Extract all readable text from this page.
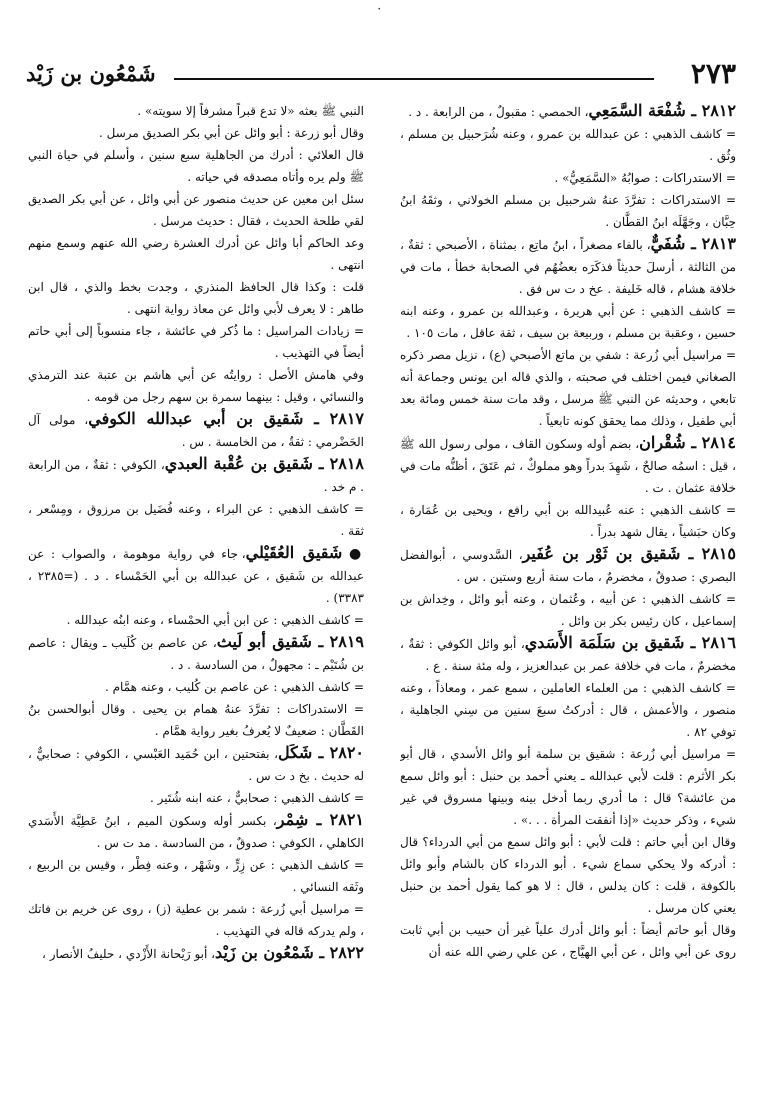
٠
٢٧٣
شَمْعُون بن زَيْد

٢٨١٢ ـ شُفْعَة السَّمَعِي، الحمصي : مقبولٌ ، من الرابعة . د .

= كاشف الذهبي : عن عبدالله بن عمرو ، وعنه شُرَحبيل بن مسلم ، وثُق .

= الاستدراكات : صوابُهُ «السَّمَعِيُّ» .

= الاستدراكات : تفرَّدَ عنهُ شرحبيل بن مسلم الخولاني ، وثقَهُ ابنُ حِبَّان ، وجَهَّلَه ابنُ القطَّان .

٢٨١٣ ـ شُفَيٌّ، بالفاء مصغراً ، ابنُ ماتِع ، بمثناة ، الأصبحي : ثقةٌ ، من الثالثة ، أرسلَ حديثاً فذكَرَه بعضُهُم في الصحابة خطأ ، مات في خلافة هشام ، قاله خَليفة . عخ د ت س فق .

= كاشف الذهبي : عن أبي هريرة ، وعبدالله بن عمرو ، وعنه ابنه حسين ، وعقبة بن مسلم ، وربيعة بن سيف ، ثقة عاقل ، مات ١٠٥ .

= مراسيل أبي زُرعة : شفي بن ماتع الأصبحي (ع) ، نزيل مصر ذكره الصغاني فيمن اختلف في صحبته ، والذي قاله ابن يونس وجماعة أنه تابعي ، وحديثه عن النبي ﷺ مرسل ، وقد مات سنة خمس ومائة بعد أبي طفيل ، وذلك مما يحقق كونه تابعياً .

٢٨١٤ ـ شُقْران، بضم أوله وسكون القاف ، مولى رسول الله ﷺ ، قيل : اسمُه صالحٌ ، شَهِدَ بدراً وهو مملوكٌ ، ثم عَتَقَ ، أظنُّه مات في خلافة عثمان . ت .

= كاشف الذهبي : عنه عُبيدالله بن أبي رافع ، ويحيى بن عُمَارة ، وكان حبَشياً ، يقال شهد بدراً .

٢٨١٥ ـ شَقيق بن ثَوْر بن عُفَير، السَّدوسي ، أبوالفضل البصري : صدوقٌ ، مخضرمٌ ، مات سنة أربع وستين . س .

= كاشف الذهبي : عن أبيه ، وعُثمان ، وعنه أبو وائل ، وخِداش بن إسماعيل ، كان رئيس بكر بن وائل .

٢٨١٦ ـ شَقيق بن سَلَمَة الأَسَدي، أبو وائل الكوفي : ثقةٌ ، مخضرمٌ ، مات في خلافة عمر بن عبدالعزيز ، وله مئة سنة . ع .

= كاشف الذهبي : من العلماء العاملين ، سمع عمر ، ومعاذاً ، وعنه منصور ، والأعمش ، قال : أدركتُ سبعَ سنين من سِني الجاهلية ، توفي ٨٢ .

= مراسيل أبي زُرعة : شقيق بن سلمة أبو وائل الأسدي ، قال أبو بكر الأثرم : قلت لأبي عبدالله ـ يعني أحمد بن حنبل : أبو وائل سمع من عائشة؟ قال : ما أدري ربما أدخل بينه وبينها مسروق في غير شيء ، وذكر حديث «إذا أنفقت المرأة . . .» .

وقال ابن أبي حاتم : قلت لأبي : أبو وائل سمع من أبي الدرداء؟ قال : أدركه ولا يحكي سماع شيء . أبو الدرداء كان بالشام وأبو وائل بالكوفة ، قلت : كان يدلس ، قال : لا هو كما يقول أحمد بن حنبل يعني كان مرسل .

وقال أبو حاتم أيضاً : أبو وائل أدرك علياً غير أن حبيب بن أبي ثابت روى عن أبي وائل ، عن أبي الهيَّاج ، عن علي رضي الله عنه أن

النبي ﷺ بعثه «لا تدع قبراً مشرفاً إلا سويته» .

وقال أبو زرعة : أبو وائل عن أبي بكر الصديق مرسل .

قال العلائي : أدرك من الجاهلية سبع سنين ، وأسلم في حياة النبي ﷺ ولم يره وأتاه مصدقه في حياته .

سئل ابن معين عن حديث منصور عن أبي وائل ، عن أبي بكر الصديق لقي طلحة الحديث ، فقال : حديث مرسل .

وعد الحاكم أبا وائل عن أدرك العشرة رضي الله عنهم وسمع منهم انتهى .

قلت : وكذا قال الحافظ المنذري ، وجدت بخط والذي ، قال ابن طاهر : لا يعرف لأبي وائل عن معاذ رواية انتهى .

= زيادات المراسيل : ما ذُكر في عائشة ، جاء منسوباً إلى أبي حاتم أيضاً في التهذيب .

وفي هامش الأصل : روايتُه عن أبي هاشم بن عتبة عند الترمذي والنسائي ، وقيل : بينهما سمرة بن سهم رجل من قومه .

٢٨١٧ ـ شَقيق بن أبي عبدالله الكوفي، مولى آل الحَضْرمي : ثقةٌ ، من الخامسة . س .

٢٨١٨ ـ شَقيق بن عُقْبة العبدي، الكوفي : ثقةٌ ، من الرابعة . م خد .

= كاشف الذهبي : عن البراء ، وعنه فُضَيل بن مرزوق ، ومِسْعر ، ثقة .

● شَقيق العُقَيْلي، جاء في رواية موهومة ، والصواب : عن عبدالله بن شَقيق ، عن عبدالله بن أبي الحَمْساء . د . (=٢٣٨٥ ، ٣٣٨٣) .

= كاشف الذهبي : عن ابن أبي الحمْساء ، وعنه ابنُه عبدالله .

٢٨١٩ ـ شَقيق أبو لَيث، عن عاصم بن كُلَيب ـ ويقال : عاصم بن شُتَيْم ـ : مجهولٌ ، من السادسة . د .

= كاشف الذهبي : عن عاصم بن كُليب ، وعنه همَّام .

= الاستدراكات : تفرَّدَ عنهُ همام بن يحيى . وقال أبوالحسن بنُ القَطَّان : ضعيفٌ لا يُعرفُ بغير رواية همَّام .

٢٨٢٠ ـ شَكَل، بفتحتين ، ابن حُمَيد العَبْسي ، الكوفي : صحابيٌّ ، له حديث . بخ د ت س .

= كاشف الذهبي : صحابيٌّ ، عنه ابنه شُتَير .

٢٨٢١ ـ شِمْر، بكسر أوله وسكون الميم ، ابنُ عَطِيَّة الأَسَدي الكاهلي ، الكوفي : صدوقٌ ، من السادسة . مد ت س .

= كاشف الذهبي : عن زِرٍّ ، وشَهْر ، وعنه فِطْر ، وقيس بن الربيع ، وثَقه النسائي .

= مراسيل أبي زُرعة : شمر بن عطية (ز) ، روى عن خريم بن فاتك ، ولم يدركه قاله في التهذيب .

٢٨٢٢ ـ شَمْعُون بن زَيْد، أبو رَيْحانة الأَزْدي ، حليفُ الأنصار ،
